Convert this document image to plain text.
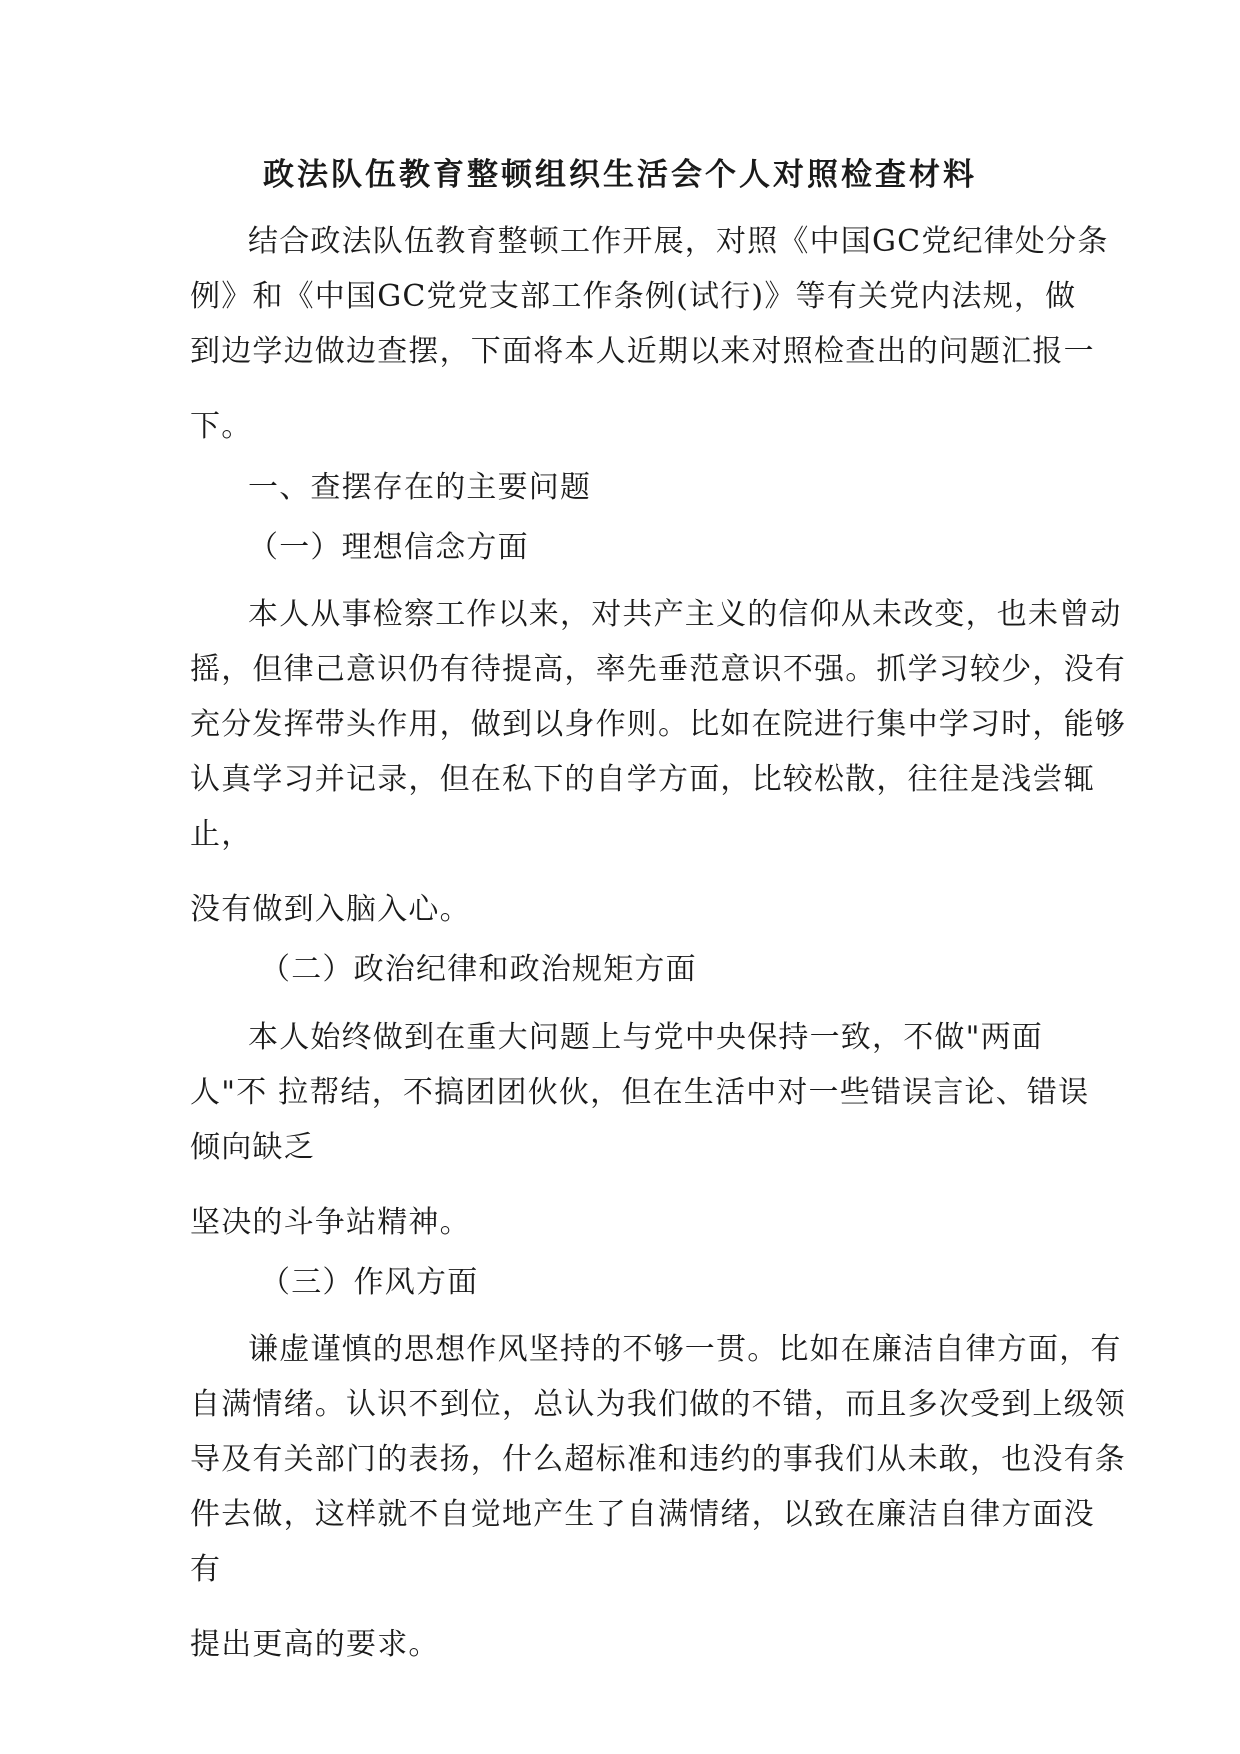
政法队伍教育整顿组织生活会个人对照检查材料
结合政法队伍教育整顿工作开展，对照《中国GC党纪律处分条
例》和《中国GC党党支部工作条例(试行)》等有关党内法规，做
到边学边做边查摆，下面将本人近期以来对照检查出的问题汇报一
下。
一、查摆存在的主要问题
（一）理想信念方面
本人从事检察工作以来，对共产主义的信仰从未改变，也未曾动
摇，但律己意识仍有待提高，率先垂范意识不强。抓学习较少，没有
充分发挥带头作用，做到以身作则。比如在院进行集中学习时，能够
认真学习并记录，但在私下的自学方面，比较松散，往往是浅尝辄
止，
没有做到入脑入心。
（二）政治纪律和政治规矩方面
本人始终做到在重大问题上与党中央保持一致，不做"两面
人"不 拉帮结，不搞团团伙伙，但在生活中对一些错误言论、错误
倾向缺乏
坚决的斗争站精神。
（三）作风方面
谦虚谨慎的思想作风坚持的不够一贯。比如在廉洁自律方面，有
自满情绪。认识不到位，总认为我们做的不错，而且多次受到上级领
导及有关部门的表扬，什么超标准和违约的事我们从未敢，也没有条
件去做，这样就不自觉地产生了自满情绪，以致在廉洁自律方面没
有
提出更高的要求。
